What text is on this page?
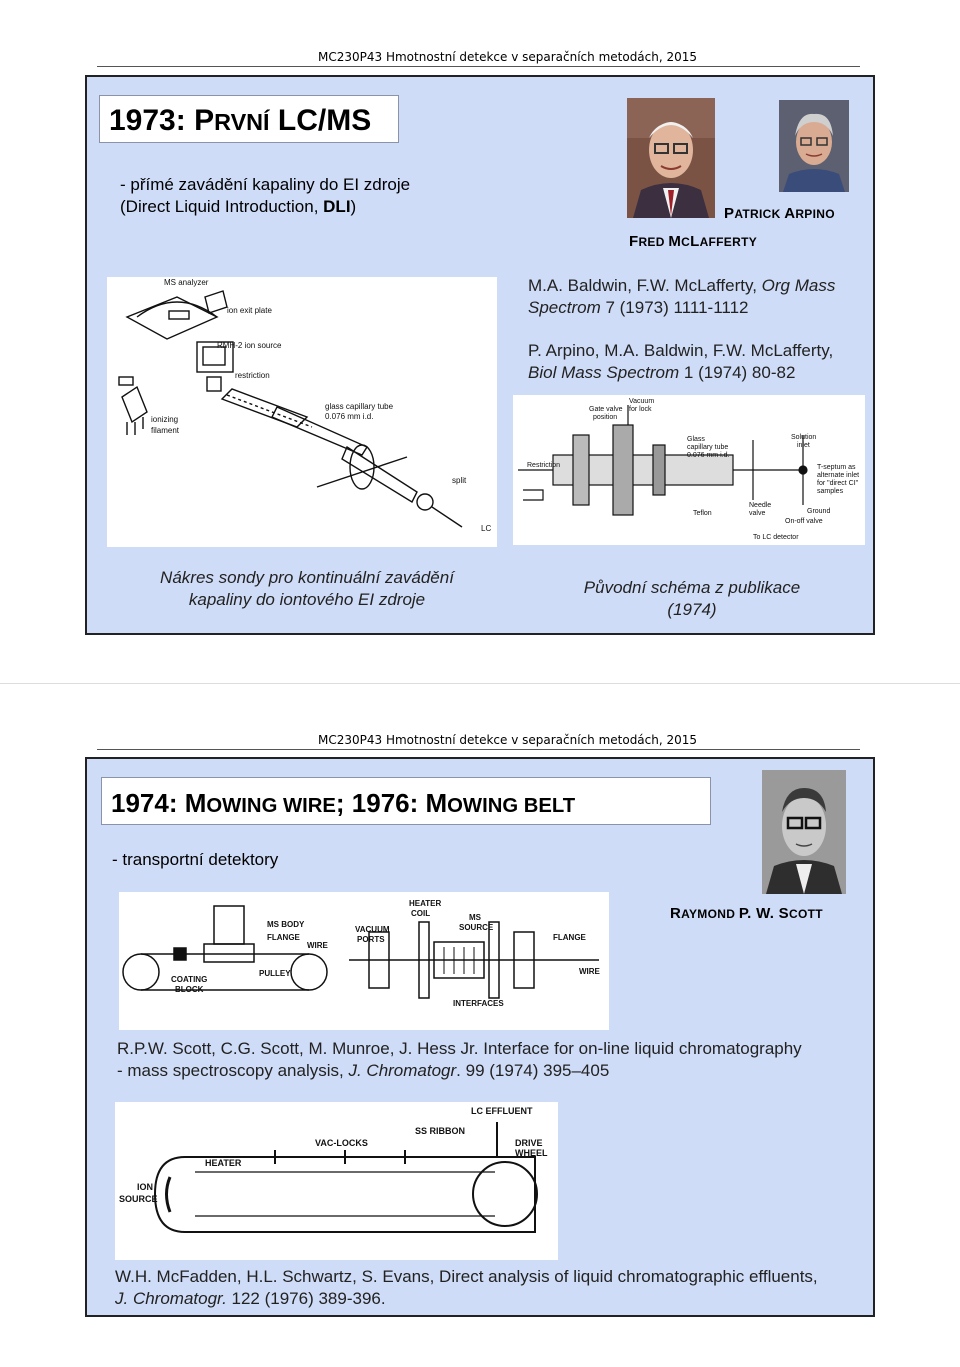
MC230P43 Hmotnostní detekce v separačních metodách, 2015
1973: PRVNÍ LC/MS
- přímé zavádění kapaliny do EI zdroje
(Direct Liquid Introduction, DLI)	PATRICK ARPINO
FRED MCLAFFERTY
M.A. Baldwin, F.W. McLafferty, Org Mass
Spectrom 7 (1973) 1111-1112
P. Arpino, M.A. Baldwin, F.W. McLafferty,
Biol Mass Spectrom 1 (1974) 80-82
MS analyzer
ion exit plate
RMH-2 ion source
restriction
glass capillary tube
0.076 mm i.d.
ionizing
filament
split
LC
Gate valve
position
Vacuum
for lock
Glass
capillary tube
0.076 mm i.d.
Solution
inlet
Restriction	T-septum as
alternate inlet
for "direct CI"
samples
Needle
valve
Teflon	Ground
On-off valve
To LC detector
Nákres sondy pro kontinuální zavádění
kapaliny do iontového EI zdroje
Původní schéma z publikace
(1974)
MC230P43 Hmotnostní detekce v separačních metodách, 2015
1974: MOWING WIRE; 1976: MOWING BELT
- transportní detektory
RAYMOND P. W. SCOTT
MS BODY
FLANGE
WIRE
PULLEY
COATING
BLOCK
VACUUM
PORTS
HEATER
COIL	MS
SOURCE
FLANGE
WIRE
INTERFACES
R.P.W. Scott, C.G. Scott, M. Munroe, J. Hess Jr. Interface for on-line liquid chromatography
- mass spectroscopy analysis, J. Chromatogr. 99 (1974) 395–405
LC EFFLUENT
VAC-LOCKS
SS RIBBON
DRIVE
WHEEL
HEATER
ION
SOURCE
W.H. McFadden, H.L. Schwartz, S. Evans, Direct analysis of liquid chromatographic effluents,
J. Chromatogr. 122 (1976) 389-396.
